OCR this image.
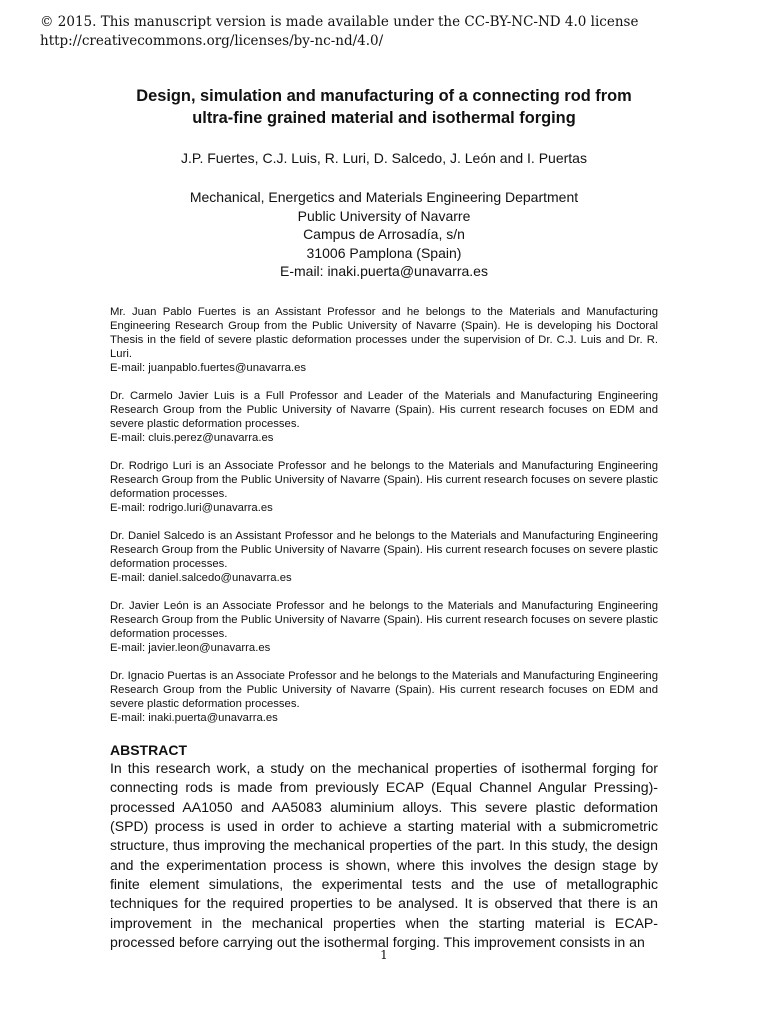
© 2015. This manuscript version is made available under the CC-BY-NC-ND 4.0 license
http://creativecommons.org/licenses/by-nc-nd/4.0/
Design, simulation and manufacturing of a connecting rod from
ultra-fine grained material and isothermal forging
J.P. Fuertes, C.J. Luis, R. Luri, D. Salcedo, J. León and I. Puertas
Mechanical, Energetics and Materials Engineering Department
Public University of Navarre
Campus de Arrosadía, s/n
31006 Pamplona (Spain)
E-mail: inaki.puerta@unavarra.es
Mr. Juan Pablo Fuertes is an Assistant Professor and he belongs to the Materials and Manufacturing Engineering Research Group from the Public University of Navarre (Spain). He is developing his Doctoral Thesis in the field of severe plastic deformation processes under the supervision of Dr. C.J. Luis and Dr. R. Luri.
E-mail: juanpablo.fuertes@unavarra.es
Dr. Carmelo Javier Luis is a Full Professor and Leader of the Materials and Manufacturing Engineering Research Group from the Public University of Navarre (Spain). His current research focuses on EDM and severe plastic deformation processes.
E-mail: cluis.perez@unavarra.es
Dr. Rodrigo Luri is an Associate Professor and he belongs to the Materials and Manufacturing Engineering Research Group from the Public University of Navarre (Spain). His current research focuses on severe plastic deformation processes.
E-mail: rodrigo.luri@unavarra.es
Dr. Daniel Salcedo is an Assistant Professor and he belongs to the Materials and Manufacturing Engineering Research Group from the Public University of Navarre (Spain). His current research focuses on severe plastic deformation processes.
E-mail: daniel.salcedo@unavarra.es
Dr. Javier León is an Associate Professor and he belongs to the Materials and Manufacturing Engineering Research Group from the Public University of Navarre (Spain). His current research focuses on severe plastic deformation processes.
E-mail: javier.leon@unavarra.es
Dr. Ignacio Puertas is an Associate Professor and he belongs to the Materials and Manufacturing Engineering Research Group from the Public University of Navarre (Spain). His current research focuses on EDM and severe plastic deformation processes.
E-mail: inaki.puerta@unavarra.es
ABSTRACT
In this research work, a study on the mechanical properties of isothermal forging for connecting rods is made from previously ECAP (Equal Channel Angular Pressing)-processed AA1050 and AA5083 aluminium alloys. This severe plastic deformation (SPD) process is used in order to achieve a starting material with a submicrometric structure, thus improving the mechanical properties of the part. In this study, the design and the experimentation process is shown, where this involves the design stage by finite element simulations, the experimental tests and the use of metallographic techniques for the required properties to be analysed. It is observed that there is an improvement in the mechanical properties when the starting material is ECAP-processed before carrying out the isothermal forging. This improvement consists in an
1
